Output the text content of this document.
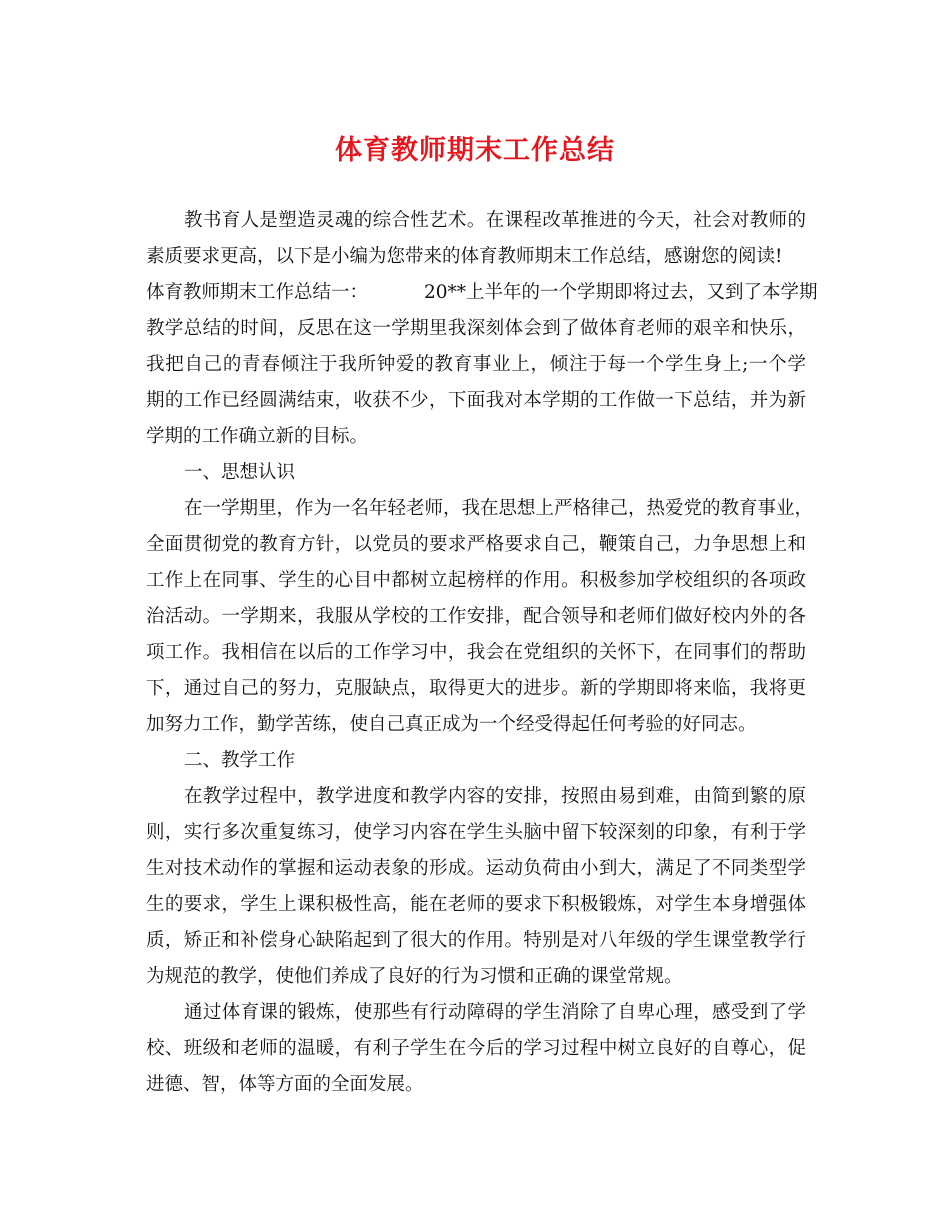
体育教师期末工作总结
教书育人是塑造灵魂的综合性艺术。在课程改革推进的今天，社会对教师的
素质要求更高，以下是小编为您带来的体育教师期末工作总结，感谢您的阅读!
体育教师期末工作总结一：	20**上半年的一个学期即将过去，又到了本学期
教学总结的时间，反思在这一学期里我深刻体会到了做体育老师的艰辛和快乐，
我把自己的青春倾注于我所钟爱的教育事业上，倾注于每一个学生身上;一个学
期的工作已经圆满结束，收获不少，下面我对本学期的工作做一下总结，并为新
学期的工作确立新的目标。
一、思想认识
在一学期里，作为一名年轻老师，我在思想上严格律己，热爱党的教育事业，
全面贯彻党的教育方针，以党员的要求严格要求自己，鞭策自己，力争思想上和
工作上在同事、学生的心目中都树立起榜样的作用。积极参加学校组织的各项政
治活动。一学期来，我服从学校的工作安排，配合领导和老师们做好校内外的各
项工作。我相信在以后的工作学习中，我会在党组织的关怀下，在同事们的帮助
下，通过自己的努力，克服缺点，取得更大的进步。新的学期即将来临，我将更
加努力工作，勤学苦练，使自己真正成为一个经受得起任何考验的好同志。
二、教学工作
在教学过程中，教学进度和教学内容的安排，按照由易到难，由简到繁的原
则，实行多次重复练习，使学习内容在学生头脑中留下较深刻的印象，有利于学
生对技术动作的掌握和运动表象的形成。运动负荷由小到大，满足了不同类型学
生的要求，学生上课积极性高，能在老师的要求下积极锻炼，对学生本身增强体
质，矫正和补偿身心缺陷起到了很大的作用。特别是对八年级的学生课堂教学行
为规范的教学，使他们养成了良好的行为习惯和正确的课堂常规。
通过体育课的锻炼，使那些有行动障碍的学生消除了自卑心理，感受到了学
校、班级和老师的温暖，有利子学生在今后的学习过程中树立良好的自尊心，促
进德、智，体等方面的全面发展。
